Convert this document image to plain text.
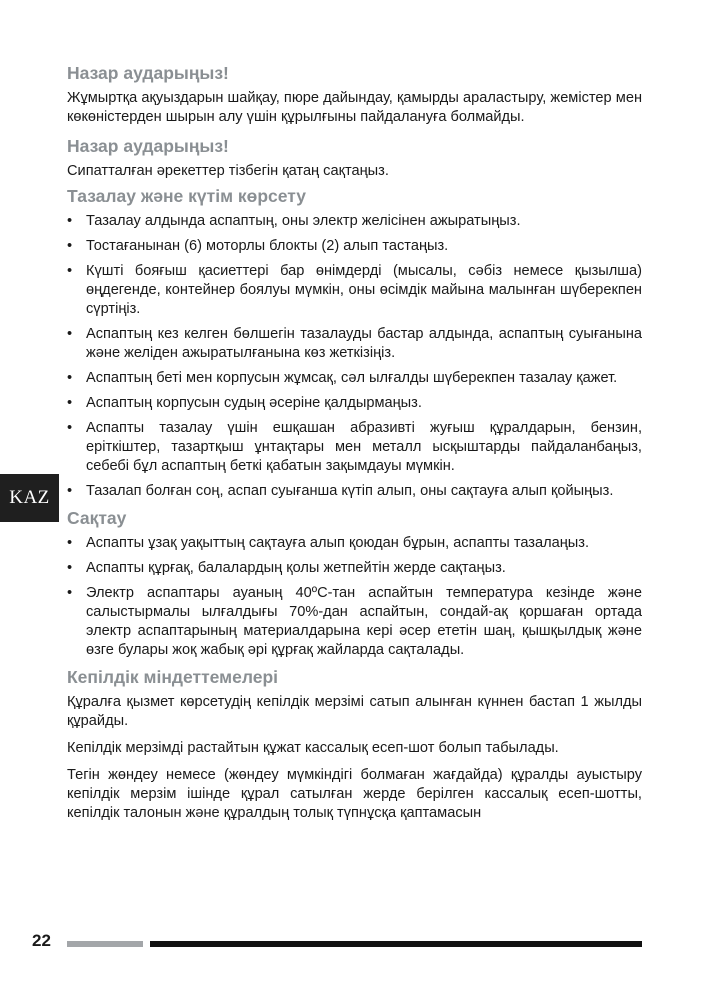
Назар аударыңыз!
Жұмыртқа ақуыздарын шайқау, пюре дайындау, қамырды араластыру, жемістер мен көкөністерден шырын алу үшін құрылғыны пайдалануға болмайды.
Назар аударыңыз!
Сипатталған әрекеттер тізбегін қатаң сақтаңыз.
Тазалау және күтім көрсету
• Тазалау алдында аспаптың, оны электр желісінен ажыратыңыз.
• Тостағанынан (6) моторлы блокты (2) алып тастаңыз.
• Күшті бояғыш қасиеттері бар өнімдерді (мысалы, сәбіз немесе қызылша) өңдегенде, контейнер боялуы мүмкін, оны өсімдік майына малынған шүберекпен сүртіңіз.
• Аспаптың кез келген бөлшегін тазалауды бастар алдында, аспаптың суығанына және желіден ажыратылғанына көз жеткізіңіз.
• Аспаптың беті мен корпусын жұмсақ, сәл ылғалды шүберекпен тазалау қажет.
• Аспаптың корпусын судың әсеріне қалдырмаңыз.
• Аспапты тазалау үшін ешқашан абразивті жуғыш құралдарын, бензин, еріткіштер, тазартқыш ұнтақтары мен металл ысқыштарды пайдаланбаңыз, себебі бұл аспаптың беткі қабатын зақымдауы мүмкін.
• Тазалап болған соң, аспап суығанша күтіп алып, оны сақтауға алып қойыңыз.
Сақтау
• Аспапты ұзақ уақыттың сақтауға алып қоюдан бұрын, аспапты тазалаңыз.
• Аспапты құрғақ, балалардың қолы жетпейтін жерде сақтаңыз.
• Электр аспаптары ауаның 40ºC-тан аспайтын температура кезінде және салыстырмалы ылғалдығы 70%-дан аспайтын, сондай-ақ қоршаған ортада электр аспаптарының материалдарына кері әсер ететін шаң, қышқылдық және өзге булары жоқ жабық әрі құрғақ жайларда сақталады.
Кепілдік міндеттемелері
Құралға қызмет көрсетудің кепілдік мерзімі сатып алынған күннен бастап 1 жылды құрайды.
Кепілдік мерзімді растайтын құжат кассалық есеп-шот болып табылады.
Тегін жөндеу немесе (жөндеу мүмкіндігі болмаған жағдайда) құралды ауыстыру кепілдік мерзім ішінде құрал сатылған жерде берілген кассалық есеп-шотты, кепілдік талонын және құралдың толық түпнұсқа қаптамасын
KAZ
22
